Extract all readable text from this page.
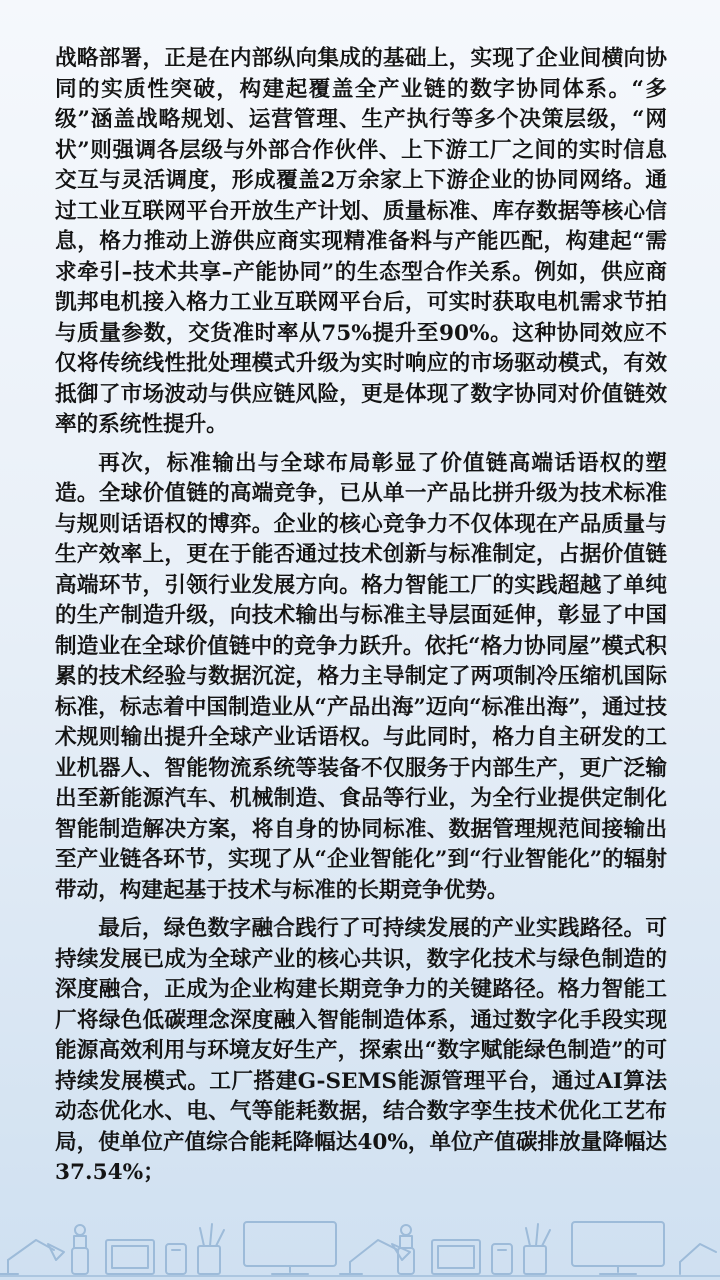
战略部署，正是在内部纵向集成的基础上，实现了企业间横向协同的实质性突破，构建起覆盖全产业链的数字协同体系。“多级”涵盖战略规划、运营管理、生产执行等多个决策层级，“网状”则强调各层级与外部合作伙伴、上下游工厂之间的实时信息交互与灵活调度，形成覆盖2万余家上下游企业的协同网络。通过工业互联网平台开放生产计划、质量标准、库存数据等核心信息，格力推动上游供应商实现精准备料与产能匹配，构建起“需求牵引–技术共享–产能协同”的生态型合作关系。例如，供应商凯邦电机接入格力工业互联网平台后，可实时获取电机需求节拍与质量参数，交货准时率从75%提升至90%。这种协同效应不仅将传统线性批处理模式升级为实时响应的市场驱动模式，有效抵御了市场波动与供应链风险，更是体现了数字协同对价值链效率的系统性提升。

再次，标准输出与全球布局彰显了价值链高端话语权的塑造。全球价值链的高端竞争，已从单一产品比拼升级为技术标准与规则话语权的博弈。企业的核心竞争力不仅体现在产品质量与生产效率上，更在于能否通过技术创新与标准制定，占据价值链高端环节，引领行业发展方向。格力智能工厂的实践超越了单纯的生产制造升级，向技术输出与标准主导层面延伸，彰显了中国制造业在全球价值链中的竞争力跃升。依托“格力协同屋”模式积累的技术经验与数据沉淀，格力主导制定了两项制冷压缩机国际标准，标志着中国制造业从“产品出海”迈向“标准出海”，通过技术规则输出提升全球产业话语权。与此同时，格力自主研发的工业机器人、智能物流系统等装备不仅服务于内部生产，更广泛输出至新能源汽车、机械制造、食品等行业，为全行业提供定制化智能制造解决方案，将自身的协同标准、数据管理规范间接输出至产业链各环节，实现了从“企业智能化”到“行业智能化”的辐射带动，构建起基于技术与标准的长期竞争优势。

最后，绿色数字融合践行了可持续发展的产业实践路径。可持续发展已成为全球产业的核心共识，数字化技术与绿色制造的深度融合，正成为企业构建长期竞争力的关键路径。格力智能工厂将绿色低碳理念深度融入智能制造体系，通过数字化手段实现能源高效利用与环境友好生产，探索出“数字赋能绿色制造”的可持续发展模式。工厂搭建G-SEMS能源管理平台，通过AI算法动态优化水、电、气等能耗数据，结合数字孪生技术优化工艺布局，使单位产值综合能耗降幅达40%，单位产值碳排放量降幅达37.54%；
